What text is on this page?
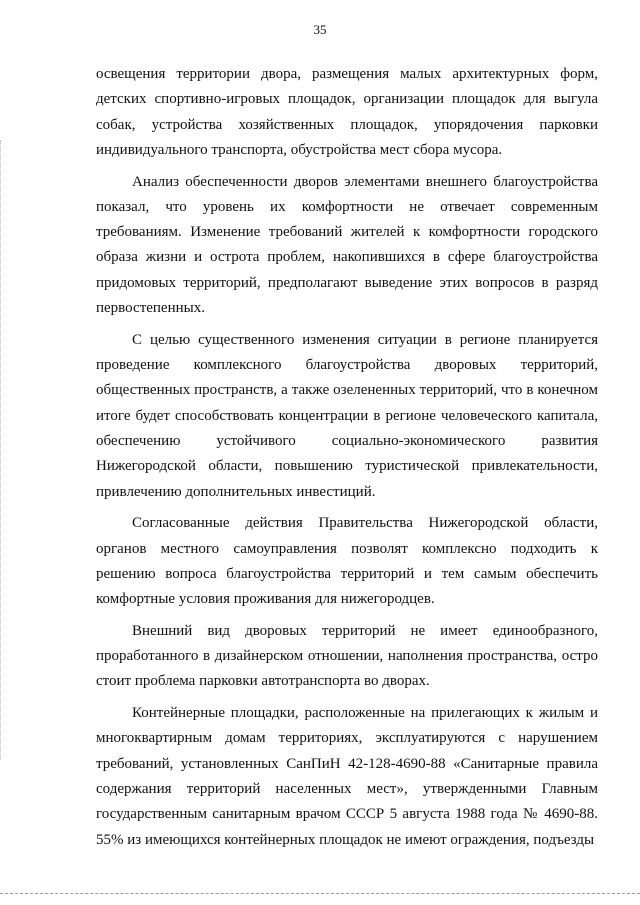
35

освещения территории двора, размещения малых архитектурных форм, детских спортивно-игровых площадок, организации площадок для выгула собак, устройства хозяйственных площадок, упорядочения парковки индивидуального транспорта, обустройства мест сбора мусора.

Анализ обеспеченности дворов элементами внешнего благоустройства показал, что уровень их комфортности не отвечает современным требованиям. Изменение требований жителей к комфортности городского образа жизни и острота проблем, накопившихся в сфере благоустройства придомовых территорий, предполагают выведение этих вопросов в разряд первостепенных.

С целью существенного изменения ситуации в регионе планируется проведение комплексного благоустройства дворовых территорий, общественных пространств, а также озелененных территорий, что в конечном итоге будет способствовать концентрации в регионе человеческого капитала, обеспечению устойчивого социально-экономического развития Нижегородской области, повышению туристической привлекательности, привлечению дополнительных инвестиций.

Согласованные действия Правительства Нижегородской области, органов местного самоуправления позволят комплексно подходить к решению вопроса благоустройства территорий и тем самым обеспечить комфортные условия проживания для нижегородцев.

Внешний вид дворовых территорий не имеет единообразного, проработанного в дизайнерском отношении, наполнения пространства, остро стоит проблема парковки автотранспорта во дворах.

Контейнерные площадки, расположенные на прилегающих к жилым и многоквартирным домам территориях, эксплуатируются с нарушением требований, установленных СанПиН 42-128-4690-88 «Санитарные правила содержания территорий населенных мест», утвержденными Главным государственным санитарным врачом СССР 5 августа 1988 года № 4690-88. 55% из имеющихся контейнерных площадок не имеют ограждения, подъезды
